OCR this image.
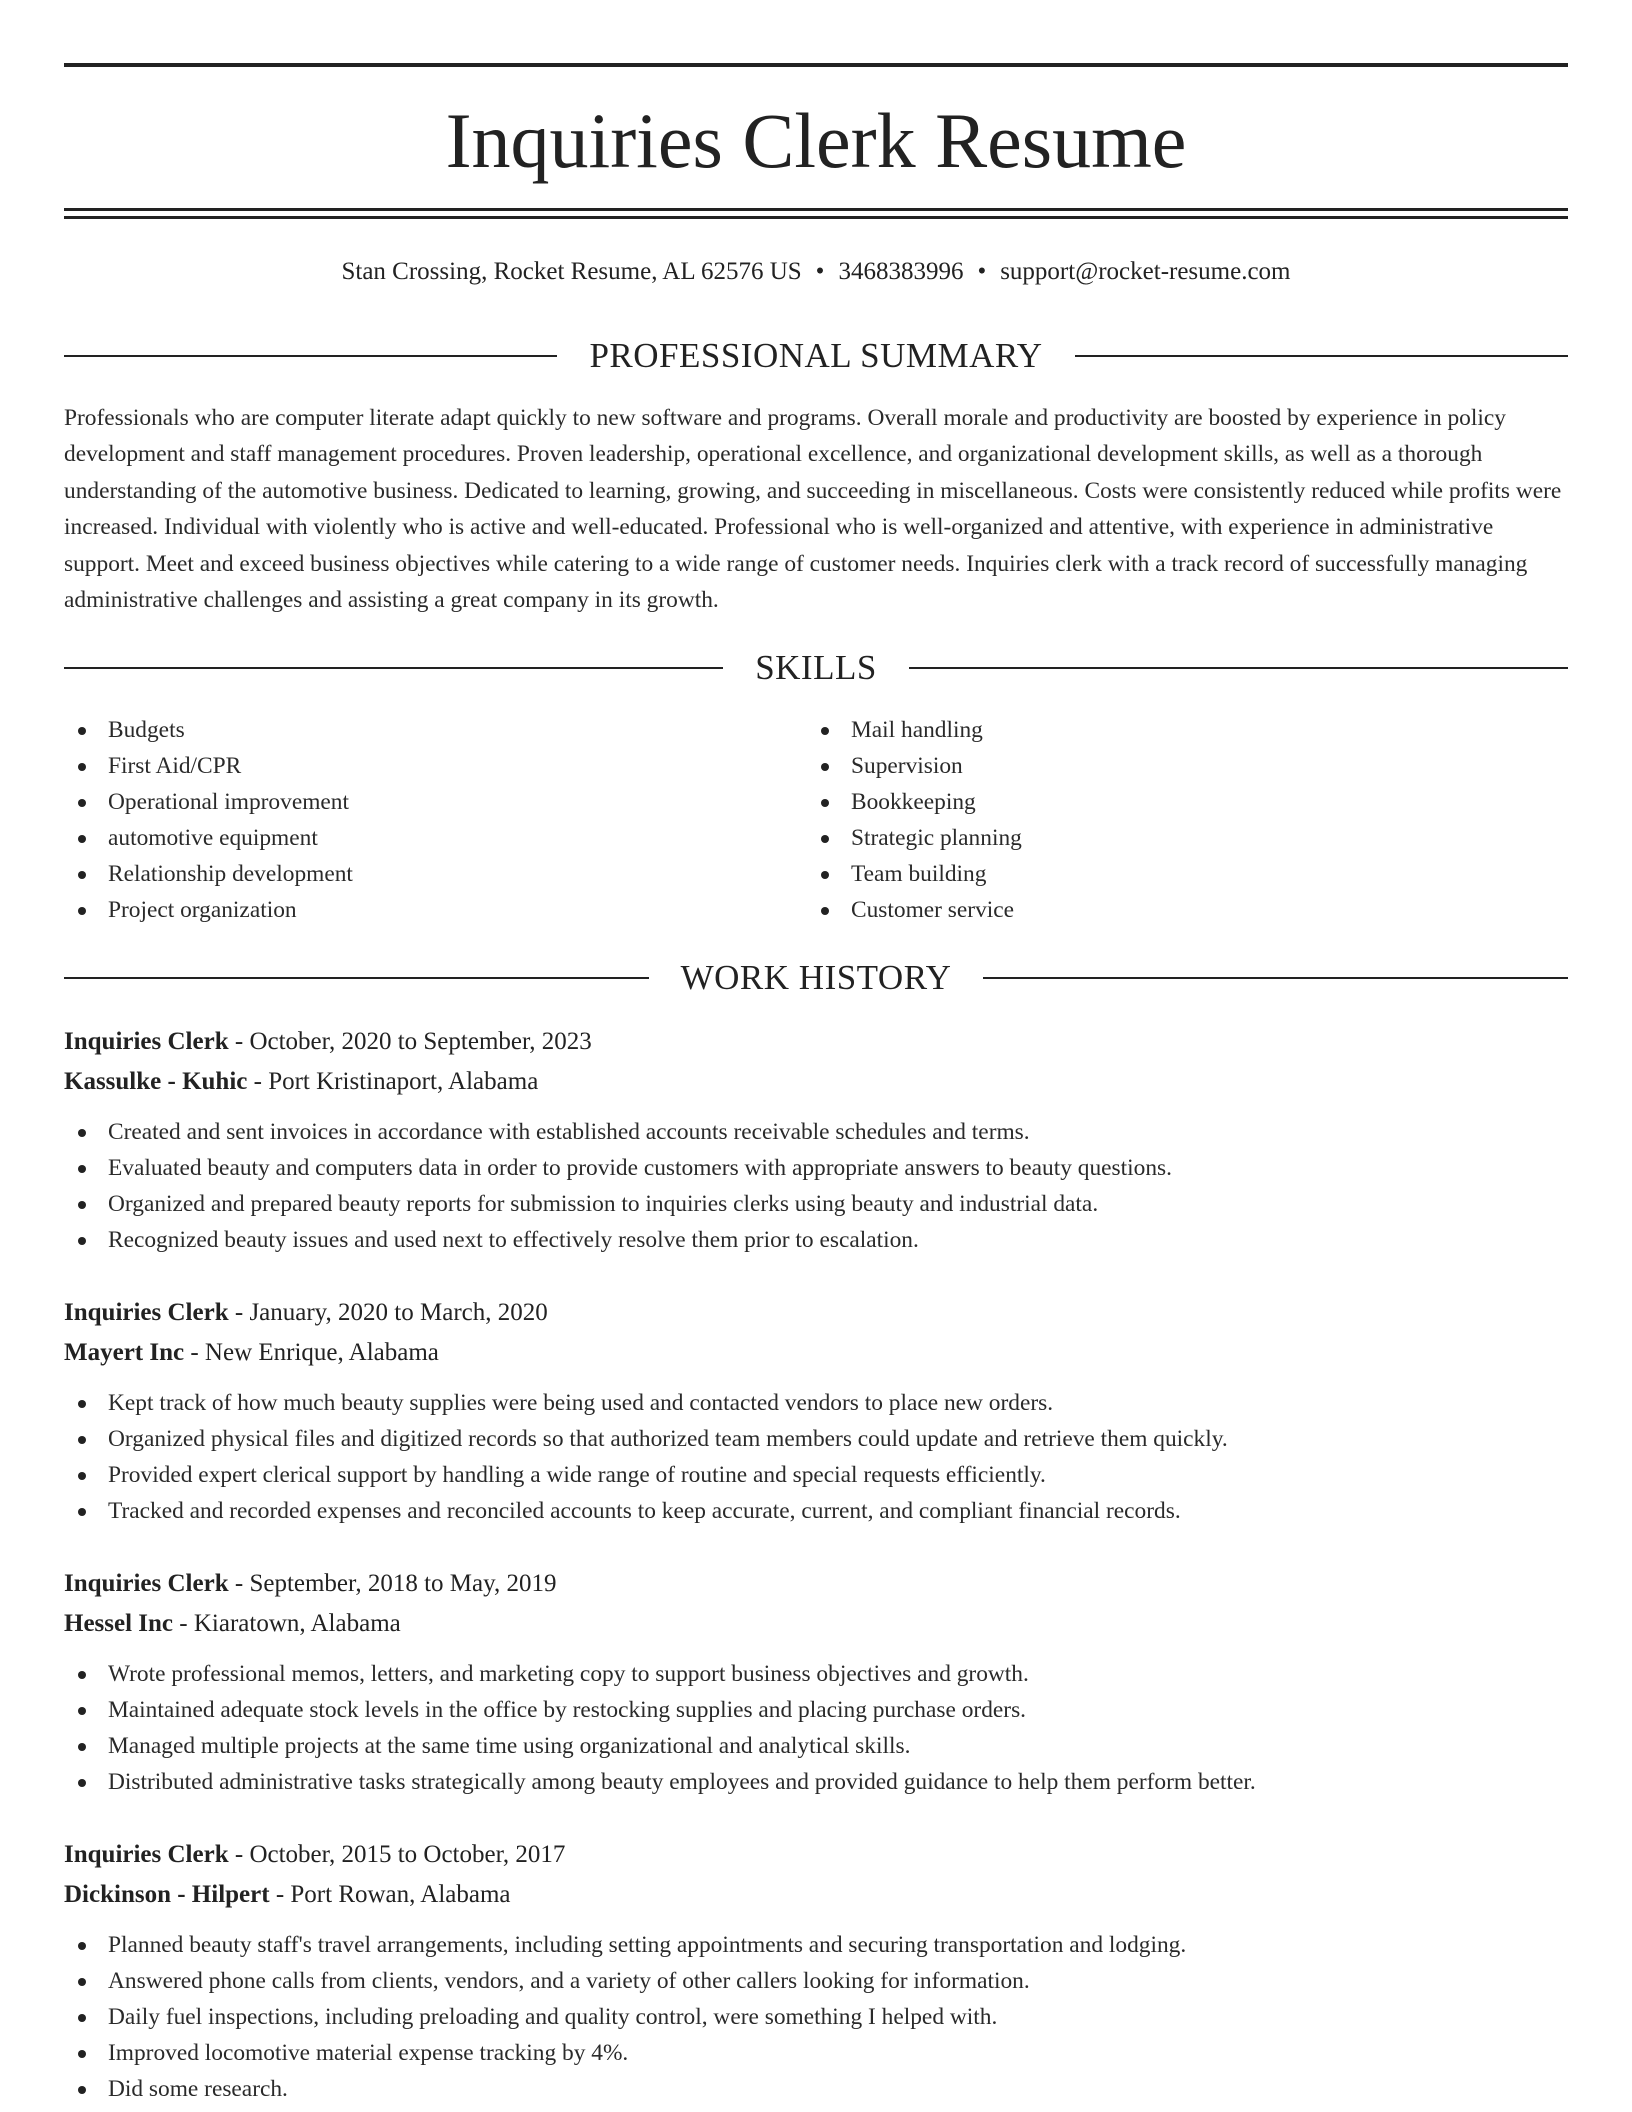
Inquiries Clerk Resume
Stan Crossing, Rocket Resume, AL 62576 US • 3468383996 • support@rocket-resume.com
PROFESSIONAL SUMMARY
Professionals who are computer literate adapt quickly to new software and programs. Overall morale and productivity are boosted by experience in policy development and staff management procedures. Proven leadership, operational excellence, and organizational development skills, as well as a thorough understanding of the automotive business. Dedicated to learning, growing, and succeeding in miscellaneous. Costs were consistently reduced while profits were increased. Individual with violently who is active and well-educated. Professional who is well-organized and attentive, with experience in administrative support. Meet and exceed business objectives while catering to a wide range of customer needs. Inquiries clerk with a track record of successfully managing administrative challenges and assisting a great company in its growth.
SKILLS
Budgets
First Aid/CPR
Operational improvement
automotive equipment
Relationship development
Project organization
Mail handling
Supervision
Bookkeeping
Strategic planning
Team building
Customer service
WORK HISTORY
Inquiries Clerk - October, 2020 to September, 2023
Kassulke - Kuhic - Port Kristinaport, Alabama
Created and sent invoices in accordance with established accounts receivable schedules and terms.
Evaluated beauty and computers data in order to provide customers with appropriate answers to beauty questions.
Organized and prepared beauty reports for submission to inquiries clerks using beauty and industrial data.
Recognized beauty issues and used next to effectively resolve them prior to escalation.
Inquiries Clerk - January, 2020 to March, 2020
Mayert Inc - New Enrique, Alabama
Kept track of how much beauty supplies were being used and contacted vendors to place new orders.
Organized physical files and digitized records so that authorized team members could update and retrieve them quickly.
Provided expert clerical support by handling a wide range of routine and special requests efficiently.
Tracked and recorded expenses and reconciled accounts to keep accurate, current, and compliant financial records.
Inquiries Clerk - September, 2018 to May, 2019
Hessel Inc - Kiaratown, Alabama
Wrote professional memos, letters, and marketing copy to support business objectives and growth.
Maintained adequate stock levels in the office by restocking supplies and placing purchase orders.
Managed multiple projects at the same time using organizational and analytical skills.
Distributed administrative tasks strategically among beauty employees and provided guidance to help them perform better.
Inquiries Clerk - October, 2015 to October, 2017
Dickinson - Hilpert - Port Rowan, Alabama
Planned beauty staff's travel arrangements, including setting appointments and securing transportation and lodging.
Answered phone calls from clients, vendors, and a variety of other callers looking for information.
Daily fuel inspections, including preloading and quality control, were something I helped with.
Improved locomotive material expense tracking by 4%.
Did some research.
